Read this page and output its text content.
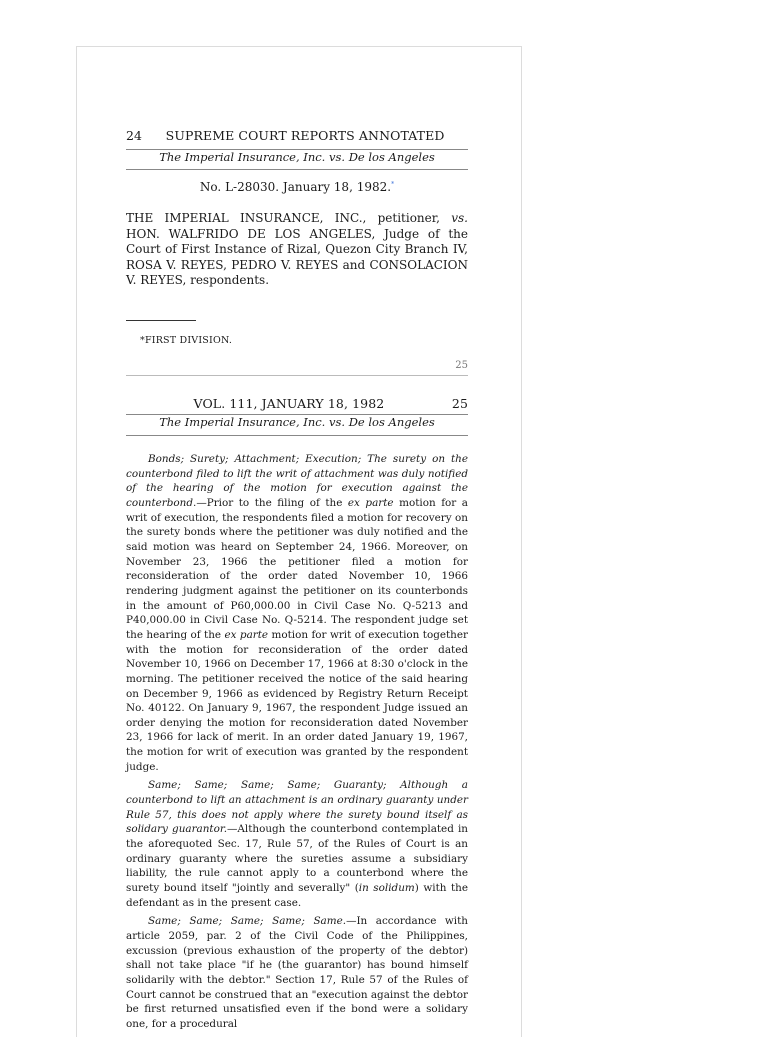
24	SUPREME COURT REPORTS ANNOTATED
The Imperial Insurance, Inc. vs. De los Angeles
No. L-28030. January 18, 1982.*
THE IMPERIAL INSURANCE, INC., petitioner, vs. HON. WALFRIDO DE LOS ANGELES, Judge of the Court of First Instance of Rizal, Quezon City Branch IV, ROSA V. REYES, PEDRO V. REYES and CONSOLACION V. REYES, respondents.
*FIRST DIVISION.
25
VOL. 111, JANUARY 18, 1982	25
The Imperial Insurance, Inc. vs. De los Angeles

Bonds; Surety; Attachment; Execution; The surety on the counterbond filed to lift the writ of attachment was duly notified of the hearing of the motion for execution against the counterbond.—Prior to the filing of the ex parte motion for a writ of execution, the respondents filed a motion for recovery on the surety bonds where the petitioner was duly notified and the said motion was heard on September 24, 1966. Moreover, on November 23, 1966 the petitioner filed a motion for reconsideration of the order dated November 10, 1966 rendering judgment against the petitioner on its counterbonds in the amount of P60,000.00 in Civil Case No. Q-5213 and P40,000.00 in Civil Case No. Q-5214. The respondent judge set the hearing of the ex parte motion for writ of execution together with the motion for reconsideration of the order dated November 10, 1966 on December 17, 1966 at 8:30 o'clock in the morning. The petitioner received the notice of the said hearing on December 9, 1966 as evidenced by Registry Return Receipt No. 40122. On January 9, 1967, the respondent Judge issued an order denying the motion for reconsideration dated November 23, 1966 for lack of merit. In an order dated January 19, 1967, the motion for writ of execution was granted by the respondent judge.

Same; Same; Same; Same; Guaranty; Although a counterbond to lift an attachment is an ordinary guaranty under Rule 57, this does not apply where the surety bound itself as solidary guarantor.—Although the counterbond contemplated in the aforequoted Sec. 17, Rule 57, of the Rules of Court is an ordinary guaranty where the sureties assume a subsidiary liability, the rule cannot apply to a counterbond where the surety bound itself "jointly and severally" (in solidum) with the defendant as in the present case.

Same; Same; Same; Same; Same.—In accordance with article 2059, par. 2 of the Civil Code of the Philippines, excussion (previous exhaustion of the property of the debtor) shall not take place "if he (the guarantor) has bound himself solidarily with the debtor." Section 17, Rule 57 of the Rules of Court cannot be construed that an "execution against the debtor be first returned unsatisfied even if the bond were a solidary one, for a procedural
